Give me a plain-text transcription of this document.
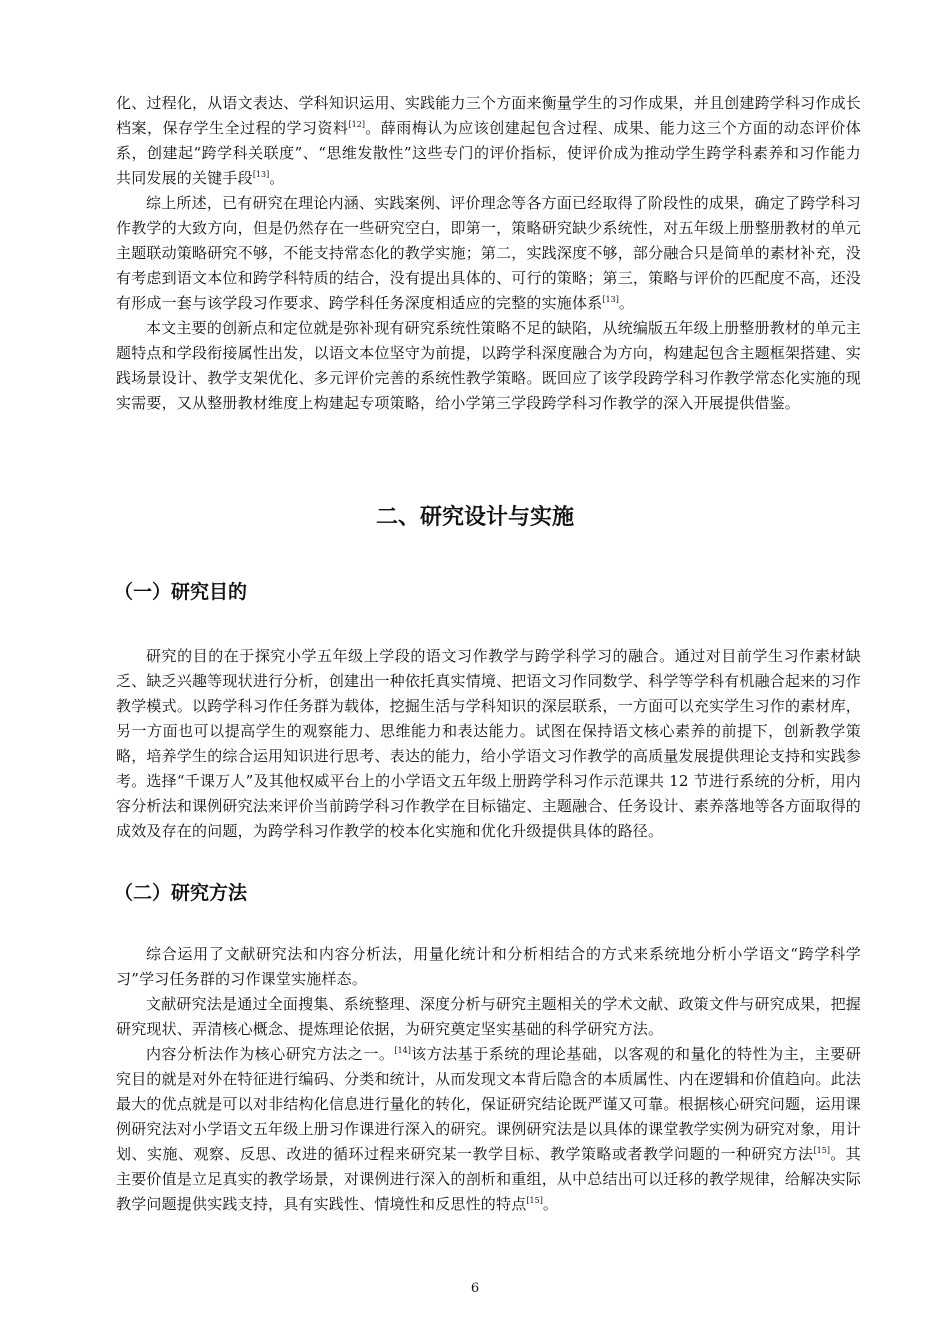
化、过程化，从语文表达、学科知识运用、实践能力三个方面来衡量学生的习作成果，并且创建跨学科习作成长档案，保存学生全过程的学习资料[12]。薛雨梅认为应该创建起包含过程、成果、能力这三个方面的动态评价体系，创建起“跨学科关联度”、“思维发散性”这些专门的评价指标，使评价成为推动学生跨学科素养和习作能力共同发展的关键手段[13]。

综上所述，已有研究在理论内涵、实践案例、评价理念等各方面已经取得了阶段性的成果，确定了跨学科习作教学的大致方向，但是仍然存在一些研究空白，即第一，策略研究缺少系统性，对五年级上册整册教材的单元主题联动策略研究不够，不能支持常态化的教学实施；第二，实践深度不够，部分融合只是简单的素材补充，没有考虑到语文本位和跨学科特质的结合，没有提出具体的、可行的策略；第三，策略与评价的匹配度不高，还没有形成一套与该学段习作要求、跨学科任务深度相适应的完整的实施体系[13]。

本文主要的创新点和定位就是弥补现有研究系统性策略不足的缺陷，从统编版五年级上册整册教材的单元主题特点和学段衔接属性出发，以语文本位坚守为前提，以跨学科深度融合为方向，构建起包含主题框架搭建、实践场景设计、教学支架优化、多元评价完善的系统性教学策略。既回应了该学段跨学科习作教学常态化实施的现实需要，又从整册教材维度上构建起专项策略，给小学第三学段跨学科习作教学的深入开展提供借鉴。

二、研究设计与实施
（一）研究目的

研究的目的在于探究小学五年级上学段的语文习作教学与跨学科学习的融合。通过对目前学生习作素材缺乏、缺乏兴趣等现状进行分析，创建出一种依托真实情境、把语文习作同数学、科学等学科有机融合起来的习作教学模式。以跨学科习作任务群为载体，挖掘生活与学科知识的深层联系，一方面可以充实学生习作的素材库，另一方面也可以提高学生的观察能力、思维能力和表达能力。试图在保持语文核心素养的前提下，创新教学策略，培养学生的综合运用知识进行思考、表达的能力，给小学语文习作教学的高质量发展提供理论支持和实践参考。选择“千课万人”及其他权威平台上的小学语文五年级上册跨学科习作示范课共 12 节进行系统的分析，用内容分析法和课例研究法来评价当前跨学科习作教学在目标锚定、主题融合、任务设计、素养落地等各方面取得的成效及存在的问题，为跨学科习作教学的校本化实施和优化升级提供具体的路径。

（二）研究方法

综合运用了文献研究法和内容分析法，用量化统计和分析相结合的方式来系统地分析小学语文“跨学科学习”学习任务群的习作课堂实施样态。

文献研究法是通过全面搜集、系统整理、深度分析与研究主题相关的学术文献、政策文件与研究成果，把握研究现状、弄清核心概念、提炼理论依据，为研究奠定坚实基础的科学研究方法。

内容分析法作为核心研究方法之一。[14]该方法基于系统的理论基础，以客观的和量化的特性为主，主要研究目的就是对外在特征进行编码、分类和统计，从而发现文本背后隐含的本质属性、内在逻辑和价值趋向。此法最大的优点就是可以对非结构化信息进行量化的转化，保证研究结论既严谨又可靠。根据核心研究问题，运用课例研究法对小学语文五年级上册习作课进行深入的研究。课例研究法是以具体的课堂教学实例为研究对象，用计划、实施、观察、反思、改进的循环过程来研究某一教学目标、教学策略或者教学问题的一种研究方法[15]。其主要价值是立足真实的教学场景，对课例进行深入的剖析和重组，从中总结出可以迁移的教学规律，给解决实际教学问题提供实践支持，具有实践性、情境性和反思性的特点[15]。

6
